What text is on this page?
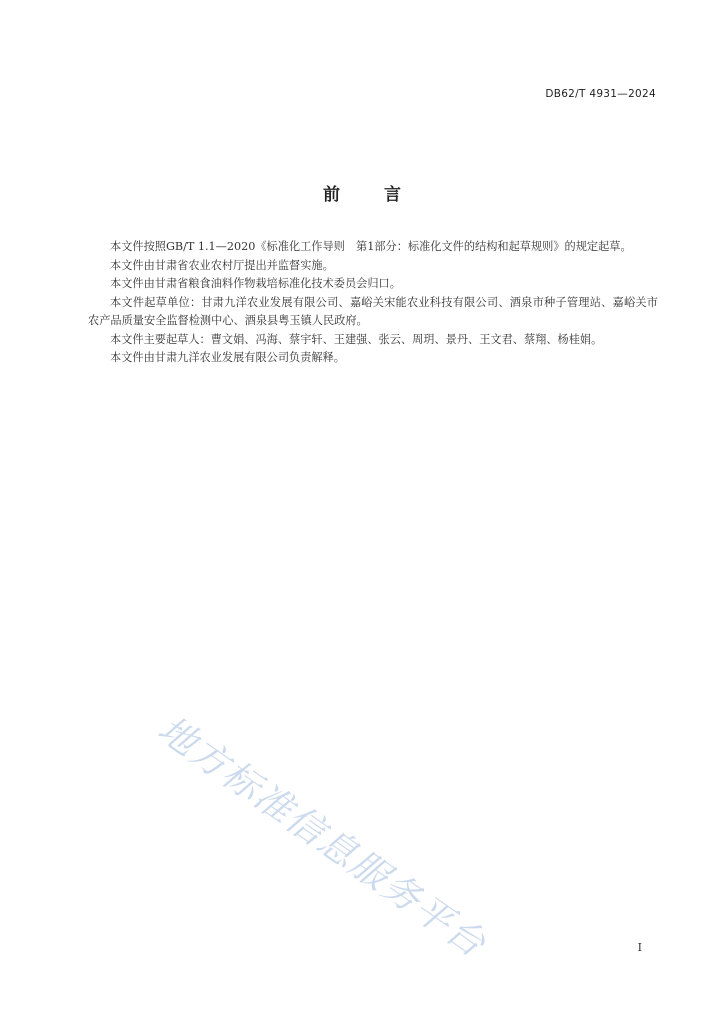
DB62/T 4931—2024
前言

本文件按照GB/T 1.1—2020《标准化工作导则　第1部分：标准化文件的结构和起草规则》的规定起草。

本文件由甘肃省农业农村厅提出并监督实施。

本文件由甘肃省粮食油料作物栽培标准化技术委员会归口。

本文件起草单位：甘肃九洋农业发展有限公司、嘉峪关宋能农业科技有限公司、酒泉市种子管理站、嘉峪关市农产品质量安全监督检测中心、酒泉县粤玉镇人民政府。

本文件主要起草人：曹文娟、冯海、蔡宇轩、王建强、张云、周玥、景丹、王文君、蔡翔、杨桂娟。

本文件由甘肃九洋农业发展有限公司负责解释。

地方标准信息服务平台	I
